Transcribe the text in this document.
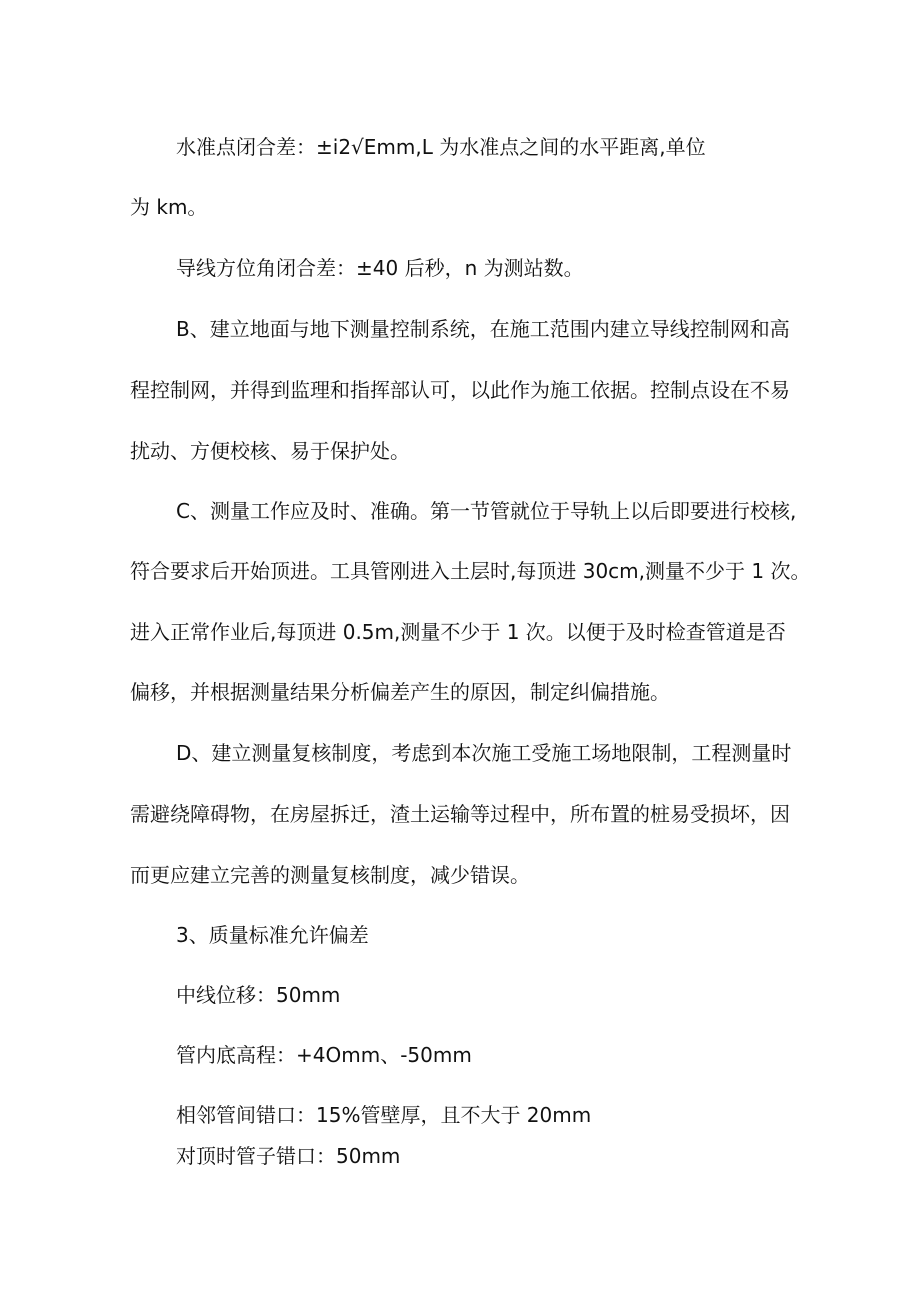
水准点闭合差：±i2√Emm,L 为水准点之间的水平距离,单位
为 km。
导线方位角闭合差：±40 后秒，n 为测站数。
B、建立地面与地下测量控制系统，在施工范围内建立导线控制网和高
程控制网，并得到监理和指挥部认可，以此作为施工依据。控制点设在不易
扰动、方便校核、易于保护处。
C、测量工作应及时、准确。第一节管就位于导轨上以后即要进行校核,
符合要求后开始顶进。工具管刚进入土层时,每顶进 30cm,测量不少于 1 次。
进入正常作业后,每顶进 0.5m,测量不少于 1 次。以便于及时检查管道是否
偏移，并根据测量结果分析偏差产生的原因，制定纠偏措施。
D、建立测量复核制度，考虑到本次施工受施工场地限制，工程测量时
需避绕障碍物，在房屋拆迁，渣土运输等过程中，所布置的桩易受损坏，因
而更应建立完善的测量复核制度，减少错误。
3、质量标准允许偏差
中线位移：50mm
管内底高程：+4Omm、-50mm
相邻管间错口：15%管壁厚，且不大于 20mm
对顶时管子错口：50mm
